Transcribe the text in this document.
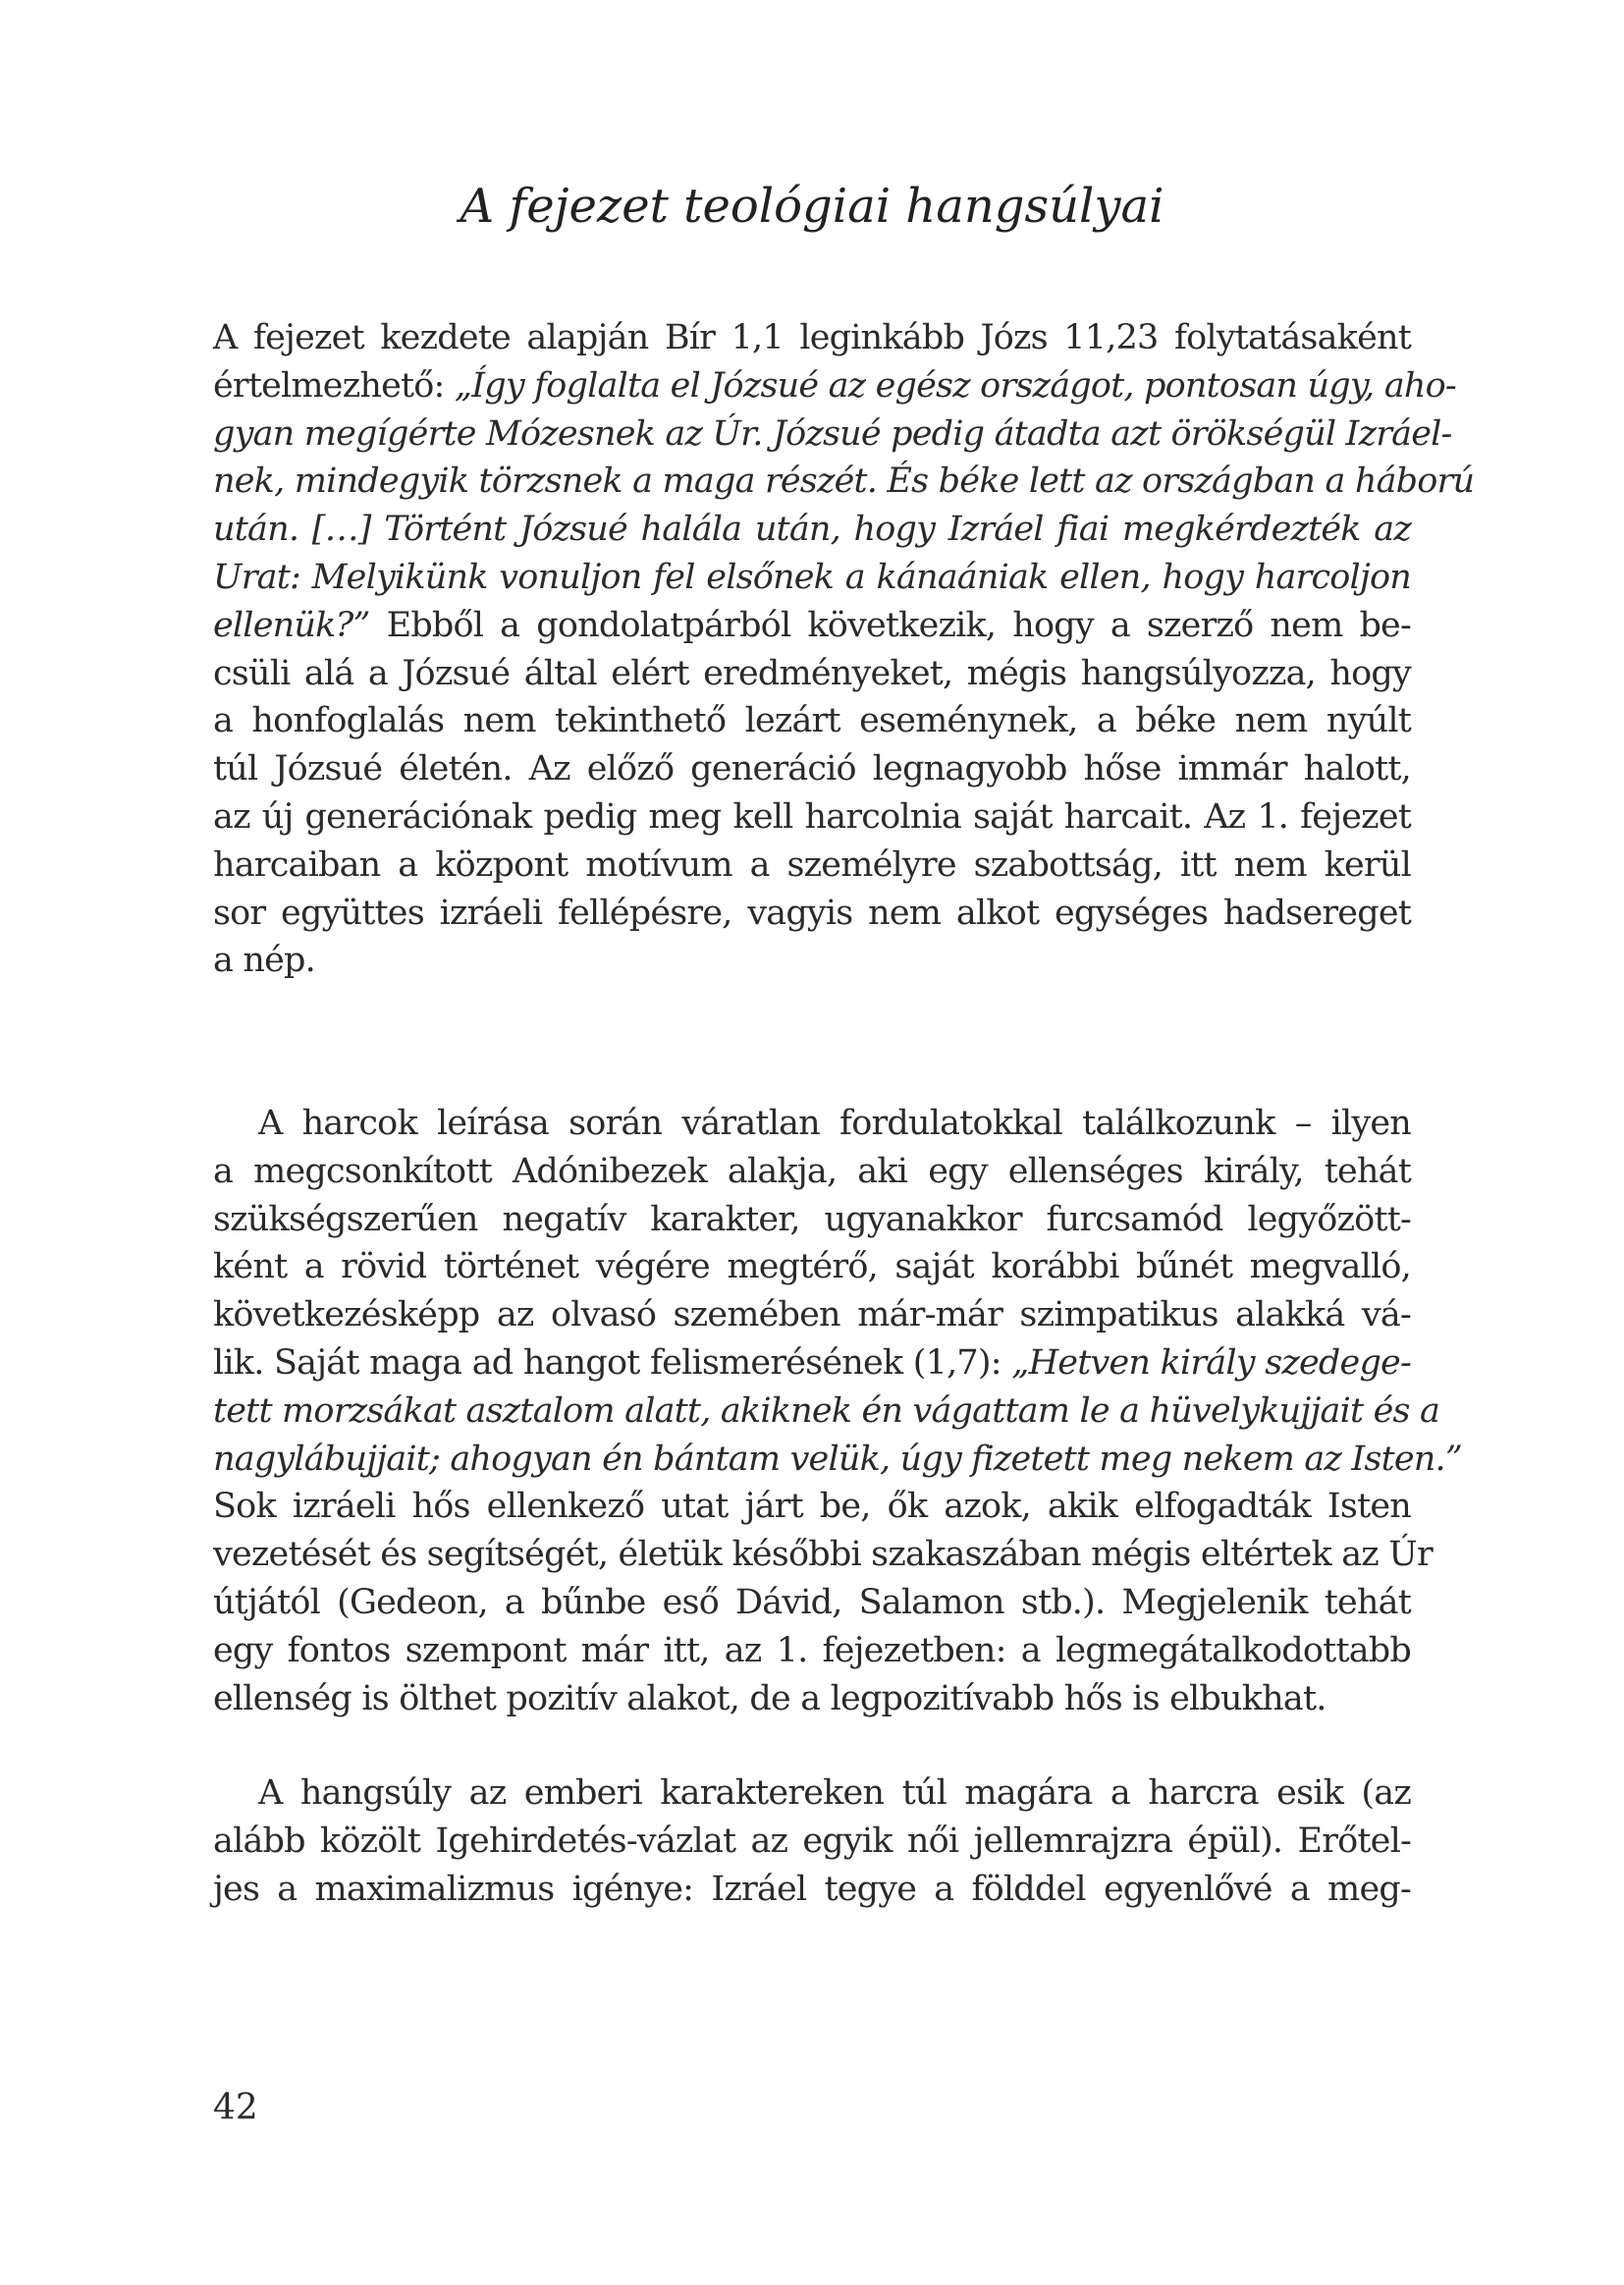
A fejezet teológiai hangsúlyai
A fejezet kezdete alapján Bír 1,1 leginkább Józs 11,23 folytatásaként
értelmezhető: „Így foglalta el Józsué az egész országot, pontosan úgy, aho-
gyan megígérte Mózesnek az Úr. Józsué pedig átadta azt örökségül Izráel-
nek, mindegyik törzsnek a maga részét. És béke lett az országban a háború
után. […] Történt Józsué halála után, hogy Izráel fiai megkérdezték az
Urat: Melyikünk vonuljon fel elsőnek a kánaániak ellen, hogy harcoljon
ellenük?” Ebből a gondolatpárból következik, hogy a szerző nem be-
csüli alá a Józsué által elért eredményeket, mégis hangsúlyozza, hogy
a honfoglalás nem tekinthető lezárt eseménynek, a béke nem nyúlt
túl Józsué életén. Az előző generáció legnagyobb hőse immár halott,
az új generációnak pedig meg kell harcolnia saját harcait. Az 1. fejezet
harcaiban a központ motívum a személyre szabottság, itt nem kerül
sor együttes izráeli fellépésre, vagyis nem alkot egységes hadsereget
a nép.
A harcok leírása során váratlan fordulatokkal találkozunk – ilyen
a megcsonkított Adónibezek alakja, aki egy ellenséges király, tehát
szükségszerűen negatív karakter, ugyanakkor furcsamód legyőzött-
ként a rövid történet végére megtérő, saját korábbi bűnét megvalló,
következésképp az olvasó szemében már-már szimpatikus alakká vá-
lik. Saját maga ad hangot felismerésének (1,7): „Hetven király szedege-
tett morzsákat asztalom alatt, akiknek én vágattam le a hüvelykujjait és a
nagylábujjait; ahogyan én bántam velük, úgy fizetett meg nekem az Isten.”
Sok izráeli hős ellenkező utat járt be, ők azok, akik elfogadták Isten
vezetését és segítségét, életük későbbi szakaszában mégis eltértek az Úr
útjától (Gedeon, a bűnbe eső Dávid, Salamon stb.). Megjelenik tehát
egy fontos szempont már itt, az 1. fejezetben: a legmegátalkodottabb
ellenség is ölthet pozitív alakot, de a legpozitívabb hős is elbukhat.
A hangsúly az emberi karaktereken túl magára a harcra esik (az
alább közölt Igehirdetés-vázlat az egyik női jellemrajzra épül). Erőtel-
jes a maximalizmus igénye: Izráel tegye a földdel egyenlővé a meg-
42
